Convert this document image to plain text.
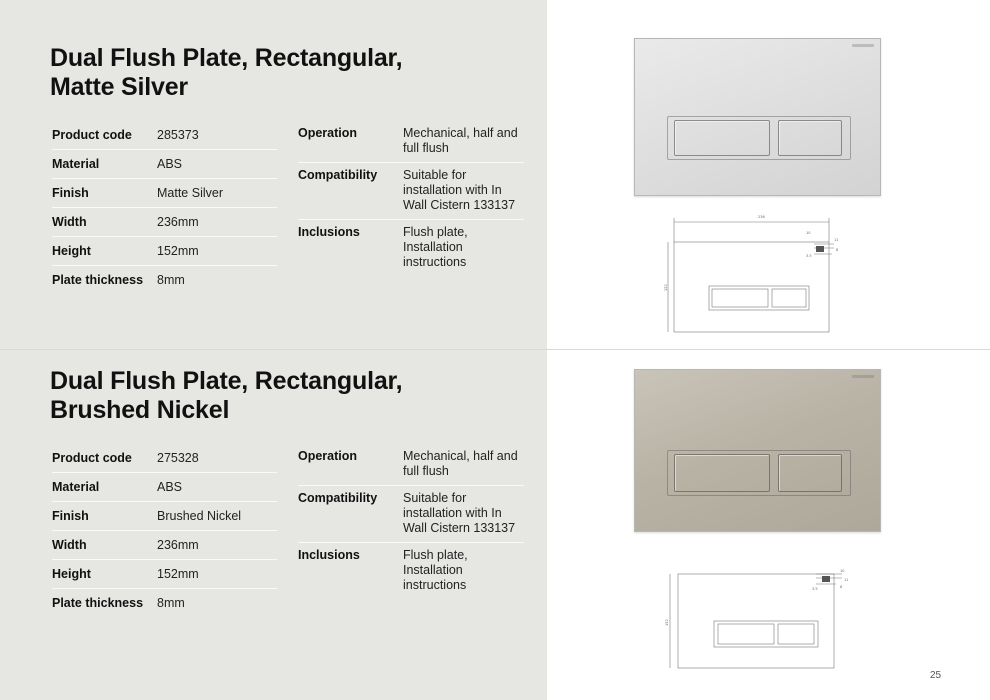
Dual Flush Plate, Rectangular,
Matte Silver
Product code	285373
Material	ABS
Finish	Matte Silver
Width	236mm
Height	152mm
Plate thickness	8mm
Operation	Mechanical, half and full flush
Compatibility	Suitable for installation with In Wall Cistern 133137
Inclusions	Flush plate, Installation instructions
236
10
11
8
3.5
152
Dual Flush Plate, Rectangular,
Brushed Nickel
Product code	275328
Material	ABS
Finish	Brushed Nickel
Width	236mm
Height	152mm
Plate thickness	8mm
Operation	Mechanical, half and full flush
Compatibility	Suitable for installation with In Wall Cistern 133137
Inclusions	Flush plate, Installation instructions
10
11
8
3.5
152
25
